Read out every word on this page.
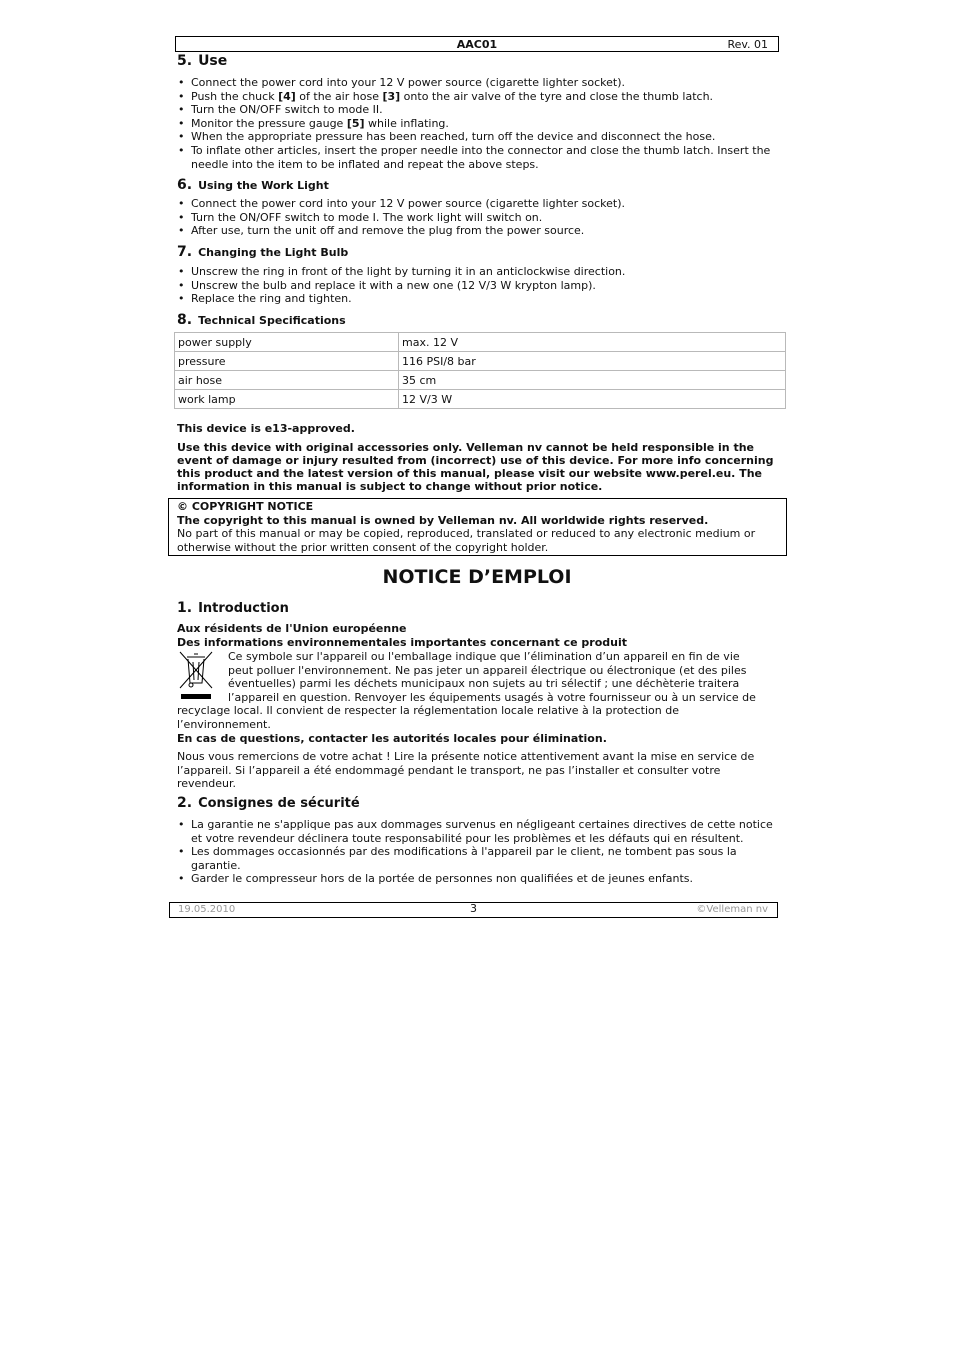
AAC01	Rev. 01
5. Use
• Connect the power cord into your 12 V power source (cigarette lighter socket).
• Push the chuck [4] of the air hose [3] onto the air valve of the tyre and close the thumb latch.
• Turn the ON/OFF switch to mode II.
• Monitor the pressure gauge [5] while inflating.
• When the appropriate pressure has been reached, turn off the device and disconnect the hose.
• To inflate other articles, insert the proper needle into the connector and close the thumb latch. Insert the needle into the item to be inflated and repeat the above steps.
6. Using the Work Light
• Connect the power cord into your 12 V power source (cigarette lighter socket).
• Turn the ON/OFF switch to mode I. The work light will switch on.
• After use, turn the unit off and remove the plug from the power source.
7. Changing the Light Bulb
• Unscrew the ring in front of the light by turning it in an anticlockwise direction.
• Unscrew the bulb and replace it with a new one (12 V/3 W krypton lamp).
• Replace the ring and tighten.
8. Technical Specifications
power supply	max. 12 V
pressure	116 PSI/8 bar
air hose	35 cm
work lamp	12 V/3 W
This device is e13-approved.
Use this device with original accessories only. Velleman nv cannot be held responsible in the event of damage or injury resulted from (incorrect) use of this device. For more info concerning this product and the latest version of this manual, please visit our website www.perel.eu. The information in this manual is subject to change without prior notice.
© COPYRIGHT NOTICE
The copyright to this manual is owned by Velleman nv. All worldwide rights reserved.
No part of this manual or may be copied, reproduced, translated or reduced to any electronic medium or otherwise without the prior written consent of the copyright holder.
NOTICE D’EMPLOI
1. Introduction
Aux résidents de l'Union européenne
Des informations environnementales importantes concernant ce produit
Ce symbole sur l'appareil ou l'emballage indique que l’élimination d’un appareil en fin de vie
peut polluer l'environnement. Ne pas jeter un appareil électrique ou électronique (et des piles
éventuelles) parmi les déchets municipaux non sujets au tri sélectif ; une déchèterie traitera
l’appareil en question. Renvoyer les équipements usagés à votre fournisseur ou à un service de
recyclage local. Il convient de respecter la réglementation locale relative à la protection de
l’environnement.
En cas de questions, contacter les autorités locales pour élimination.
Nous vous remercions de votre achat ! Lire la présente notice attentivement avant la mise en service de l’appareil. Si l’appareil a été endommagé pendant le transport, ne pas l’installer et consulter votre revendeur.
2. Consignes de sécurité
• La garantie ne s'applique pas aux dommages survenus en négligeant certaines directives de cette notice et votre revendeur déclinera toute responsabilité pour les problèmes et les défauts qui en résultent.
• Les dommages occasionnés par des modifications à l'appareil par le client, ne tombent pas sous la garantie.
• Garder le compresseur hors de la portée de personnes non qualifiées et de jeunes enfants.
19.05.2010	3	©Velleman nv
